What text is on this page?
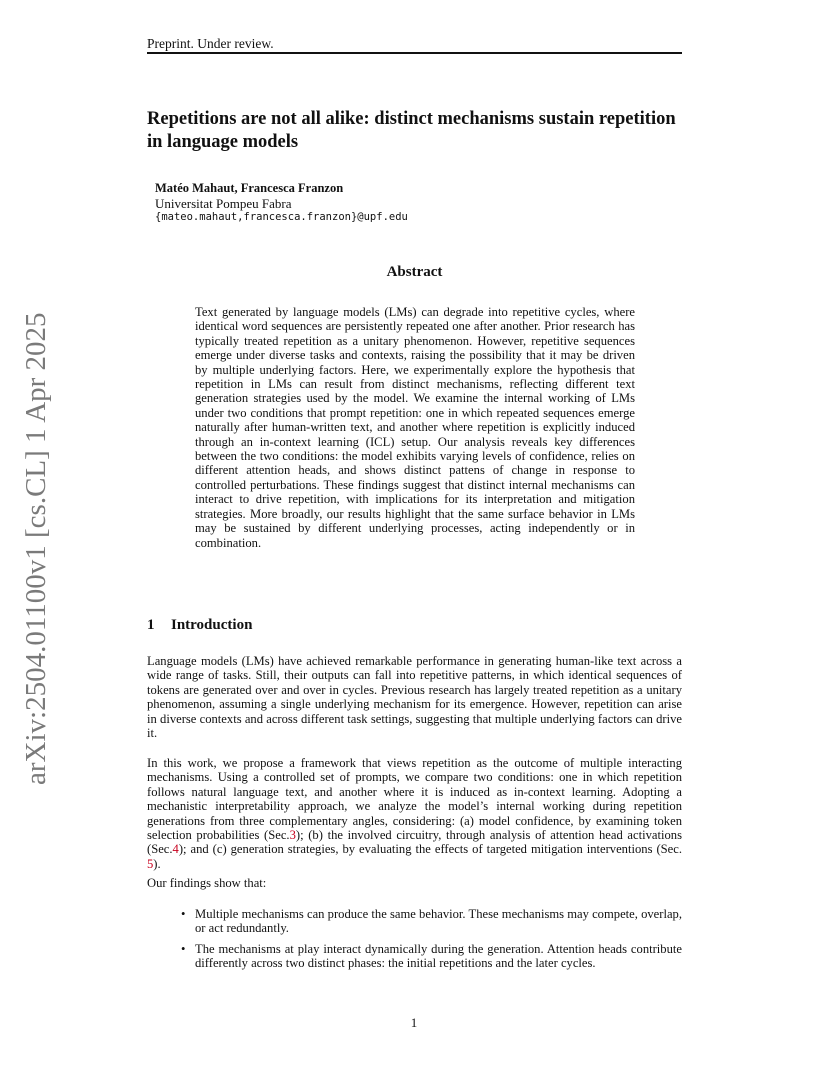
Preprint. Under review.
Repetitions are not all alike: distinct mechanisms sustain repetition in language models
Matéo Mahaut, Francesca Franzon
Universitat Pompeu Fabra
{mateo.mahaut,francesca.franzon}@upf.edu
arXiv:2504.01100v1 [cs.CL] 1 Apr 2025
Abstract
Text generated by language models (LMs) can degrade into repetitive cycles, where identical word sequences are persistently repeated one after another. Prior research has typically treated repetition as a unitary phenomenon. However, repetitive sequences emerge under diverse tasks and contexts, raising the possibility that it may be driven by multiple underlying factors. Here, we experimentally explore the hypothesis that repetition in LMs can result from distinct mechanisms, reflecting different text generation strategies used by the model. We examine the internal working of LMs under two conditions that prompt repetition: one in which repeated sequences emerge naturally after human-written text, and another where repetition is explicitly induced through an in-context learning (ICL) setup. Our analysis reveals key differences between the two conditions: the model exhibits varying levels of confidence, relies on different attention heads, and shows distinct pattens of change in response to controlled perturbations. These findings suggest that distinct internal mechanisms can interact to drive repetition, with implications for its interpretation and mitigation strategies. More broadly, our results highlight that the same surface behavior in LMs may be sustained by different underlying processes, acting independently or in combination.
1 Introduction
Language models (LMs) have achieved remarkable performance in generating human-like text across a wide range of tasks. Still, their outputs can fall into repetitive patterns, in which identical sequences of tokens are generated over and over in cycles. Previous research has largely treated repetition as a unitary phenomenon, assuming a single underlying mechanism for its emergence. However, repetition can arise in diverse contexts and across different task settings, suggesting that multiple underlying factors can drive it.
In this work, we propose a framework that views repetition as the outcome of multiple interacting mechanisms. Using a controlled set of prompts, we compare two conditions: one in which repetition follows natural language text, and another where it is induced as in-context learning. Adopting a mechanistic interpretability approach, we analyze the model’s internal working during repetition generations from three complementary angles, considering: (a) model confidence, by examining token selection probabilities (Sec.3); (b) the involved circuitry, through analysis of attention head activations (Sec.4); and (c) generation strategies, by evaluating the effects of targeted mitigation interventions (Sec. 5).
Our findings show that:
• Multiple mechanisms can produce the same behavior. These mechanisms may compete, overlap, or act redundantly.
• The mechanisms at play interact dynamically during the generation. Attention heads contribute differently across two distinct phases: the initial repetitions and the later cycles.
1
